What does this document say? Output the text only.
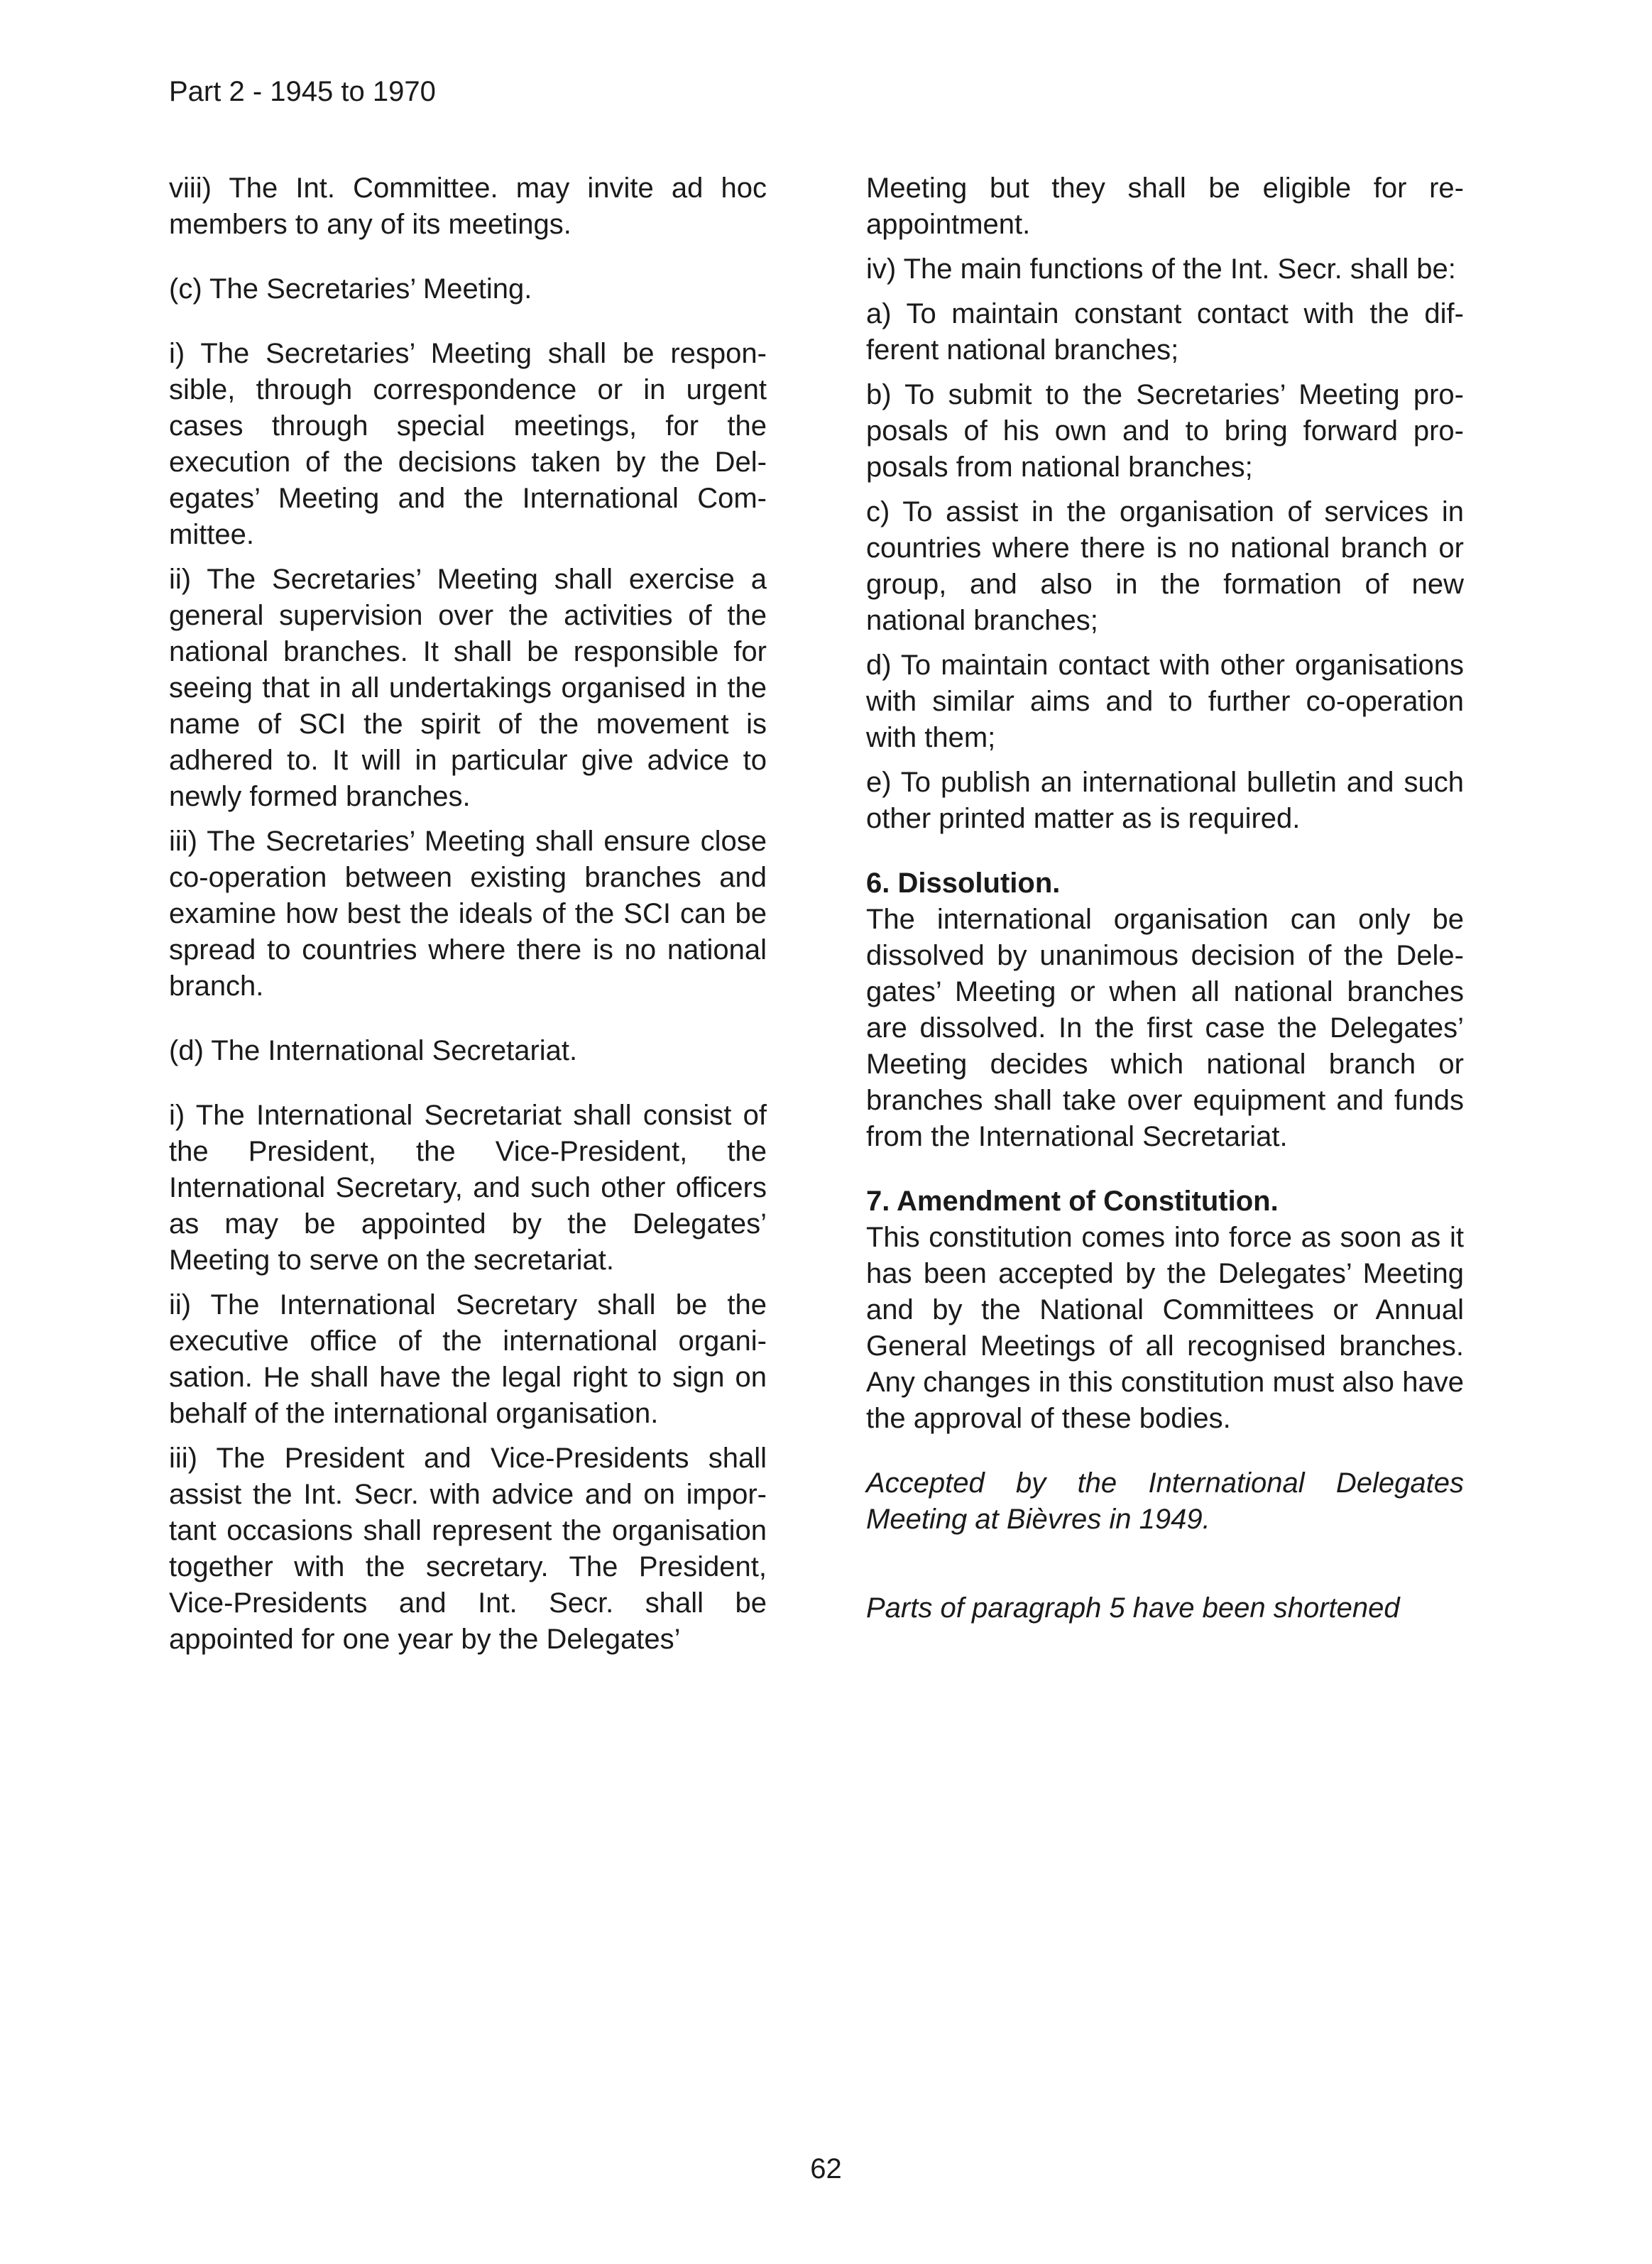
Part 2 - 1945 to 1970

viii) The Int. Committee. may invite ad hoc members to any of its meetings.

(c) The Secretaries’ Meeting.

i) The Secretaries’ Meeting shall be responsible, through correspondence or in urgent cases through special meetings, for the execution of the decisions taken by the Delegates’ Meeting and the International Committee.

ii) The Secretaries’ Meeting shall exercise a general supervision over the activities of the national branches. It shall be responsible for seeing that in all undertakings organised in the name of SCI the spirit of the movement is adhered to. It will in particular give advice to newly formed branches.

iii) The Secretaries’ Meeting shall ensure close co-operation between existing branches and examine how best the ideals of the SCI can be spread to countries where there is no national branch.

(d) The International Secretariat.

i) The International Secretariat shall consist of the President, the Vice-President, the International Secretary, and such other officers as may be appointed by the Delegates’ Meeting to serve on the secretariat.

ii) The International Secretary shall be the executive office of the international organisation. He shall have the legal right to sign on behalf of the international organisation.

iii) The President and Vice-Presidents shall assist the Int. Secr. with advice and on important occasions shall represent the organisation together with the secretary. The President, Vice-Presidents and Int. Secr. shall be appointed for one year by the Delegates’

Meeting but they shall be eligible for re-appointment.

iv) The main functions of the Int. Secr. shall be:

a) To maintain constant contact with the different national branches;

b) To submit to the Secretaries’ Meeting proposals of his own and to bring forward proposals from national branches;

c) To assist in the organisation of services in countries where there is no national branch or group, and also in the formation of new national branches;

d) To maintain contact with other organisations with similar aims and to further co-operation with them;

e) To publish an international bulletin and such other printed matter as is required.

6. Dissolution.

The international organisation can only be dissolved by unanimous decision of the Delegates’ Meeting or when all national branches are dissolved. In the first case the Delegates’ Meeting decides which national branch or branches shall take over equipment and funds from the International Secretariat.

7. Amendment of Constitution.

This constitution comes into force as soon as it has been accepted by the Delegates’ Meeting and by the National Committees or Annual General Meetings of all recognised branches. Any changes in this constitution must also have the approval of these bodies.

Accepted by the International Delegates Meeting at Bièvres in 1949.

Parts of paragraph 5 have been shortened

62
